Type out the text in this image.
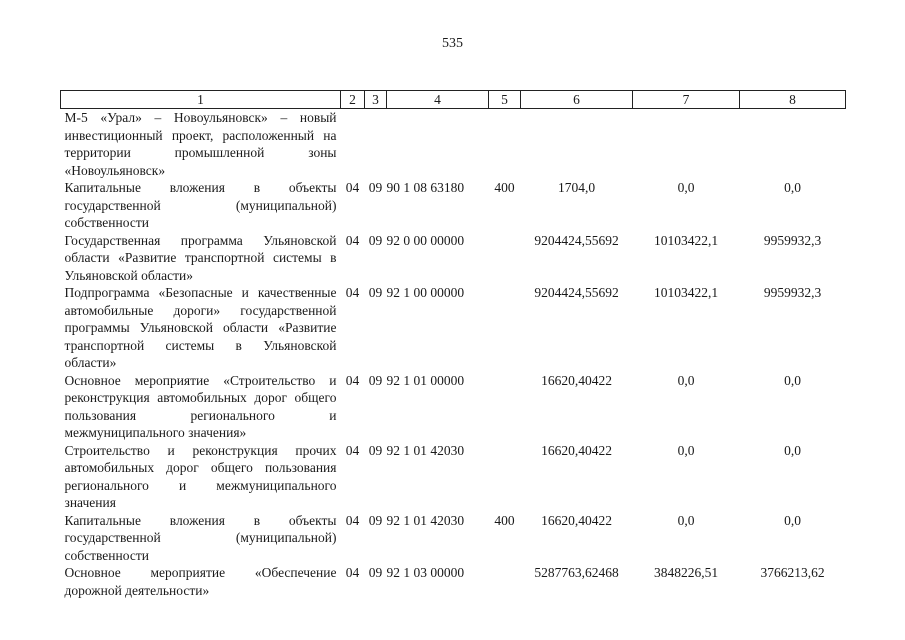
535
1	2	3	4	5	6	7	8
М-5 «Урал» – Новоульяновск» – новый инвестиционный проект, расположенный на территории промышленной зоны «Новоульяновск»							
Капитальные вложения в объекты государственной (муниципальной) собственности	04	09	90 1 08 63180	400	1704,0	0,0	0,0
Государственная программа Ульяновской области «Развитие транспортной системы в Ульяновской области»	04	09	92 0 00 00000		9204424,55692	10103422,1	9959932,3
Подпрограмма «Безопасные и качественные автомобильные дороги» государственной программы Ульяновской области «Развитие транспортной системы в Ульяновской области»	04	09	92 1 00 00000		9204424,55692	10103422,1	9959932,3
Основное мероприятие «Строительство и реконструкция автомобильных дорог общего пользования регионального и межмуниципального значения»	04	09	92 1 01 00000		16620,40422	0,0	0,0
Строительство и реконструкция прочих автомобильных дорог общего пользования регионального и межмуниципального значения	04	09	92 1 01 42030		16620,40422	0,0	0,0
Капитальные вложения в объекты государственной (муниципальной) собственности	04	09	92 1 01 42030	400	16620,40422	0,0	0,0
Основное мероприятие «Обеспечение дорожной деятельности»	04	09	92 1 03 00000		5287763,62468	3848226,51	3766213,62
